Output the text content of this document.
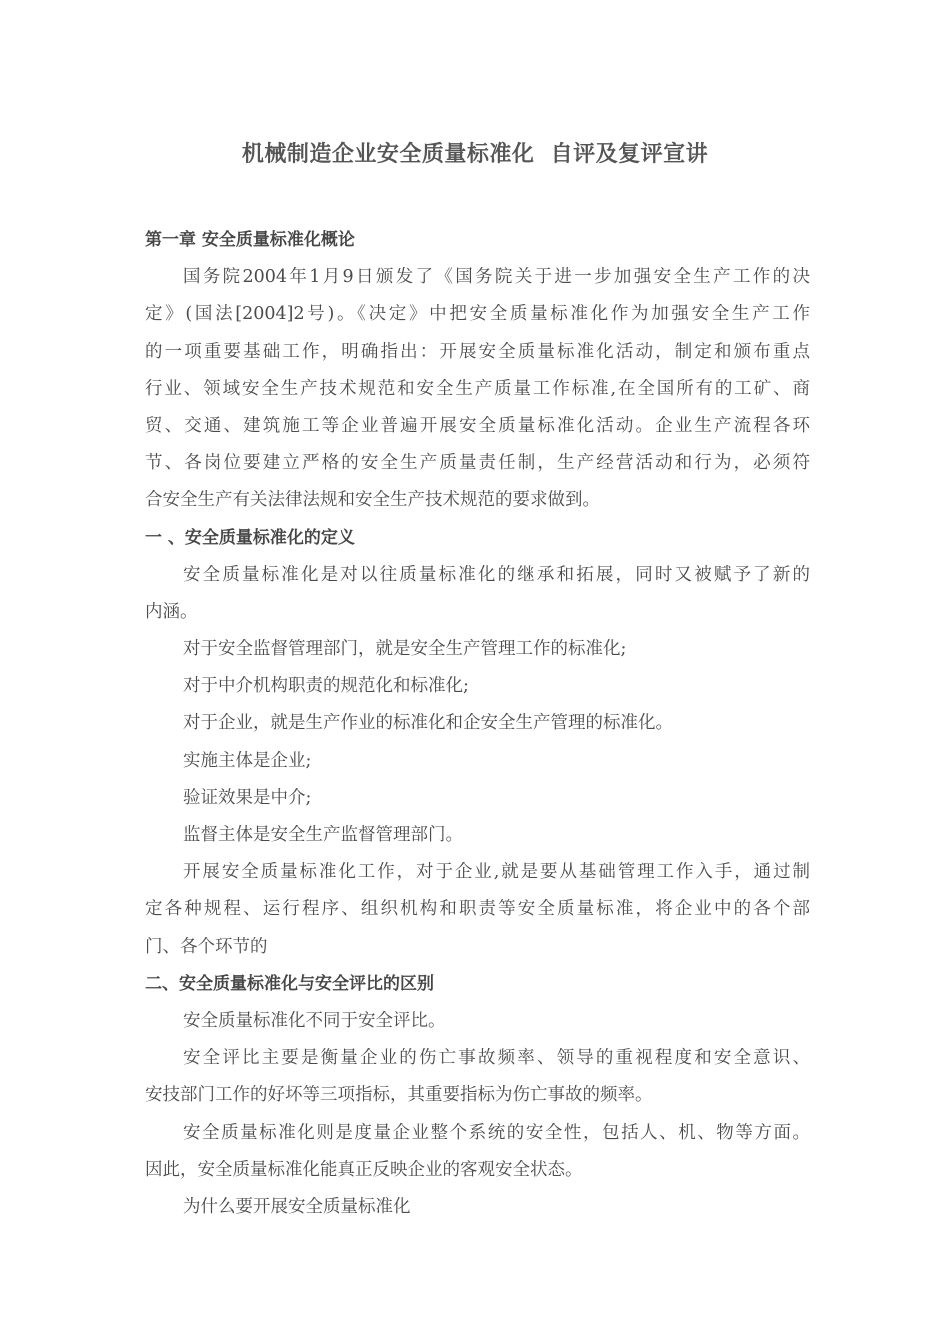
机械制造企业安全质量标准化  自评及复评宣讲
第一章 安全质量标准化概论
国务院2004年1月9日颁发了《国务院关于进一步加强安全生产工作的决
定》(国法[2004]2号)。《决定》中把安全质量标准化作为加强安全生产工作
的一项重要基础工作，明确指出：开展安全质量标准化活动，制定和颁布重点
行业、领域安全生产技术规范和安全生产质量工作标准,在全国所有的工矿、商
贸、交通、建筑施工等企业普遍开展安全质量标准化活动。企业生产流程各环
节、各岗位要建立严格的安全生产质量责任制，生产经营活动和行为，必须符
合安全生产有关法律法规和安全生产技术规范的要求做到。
一 、安全质量标准化的定义
安全质量标准化是对以往质量标准化的继承和拓展，同时又被赋予了新的
内涵。
对于安全监督管理部门，就是安全生产管理工作的标准化;
对于中介机构职责的规范化和标准化;
对于企业，就是生产作业的标准化和企安全生产管理的标准化。
实施主体是企业;
验证效果是中介;
监督主体是安全生产监督管理部门。
开展安全质量标准化工作，对于企业,就是要从基础管理工作入手，通过制
定各种规程、运行程序、组织机构和职责等安全质量标准，将企业中的各个部
门、各个环节的
二、安全质量标准化与安全评比的区别
安全质量标准化不同于安全评比。
安全评比主要是衡量企业的伤亡事故频率、领导的重视程度和安全意识、
安技部门工作的好坏等三项指标，其重要指标为伤亡事故的频率。
安全质量标准化则是度量企业整个系统的安全性，包括人、机、物等方面。
因此，安全质量标准化能真正反映企业的客观安全状态。
为什么要开展安全质量标准化
